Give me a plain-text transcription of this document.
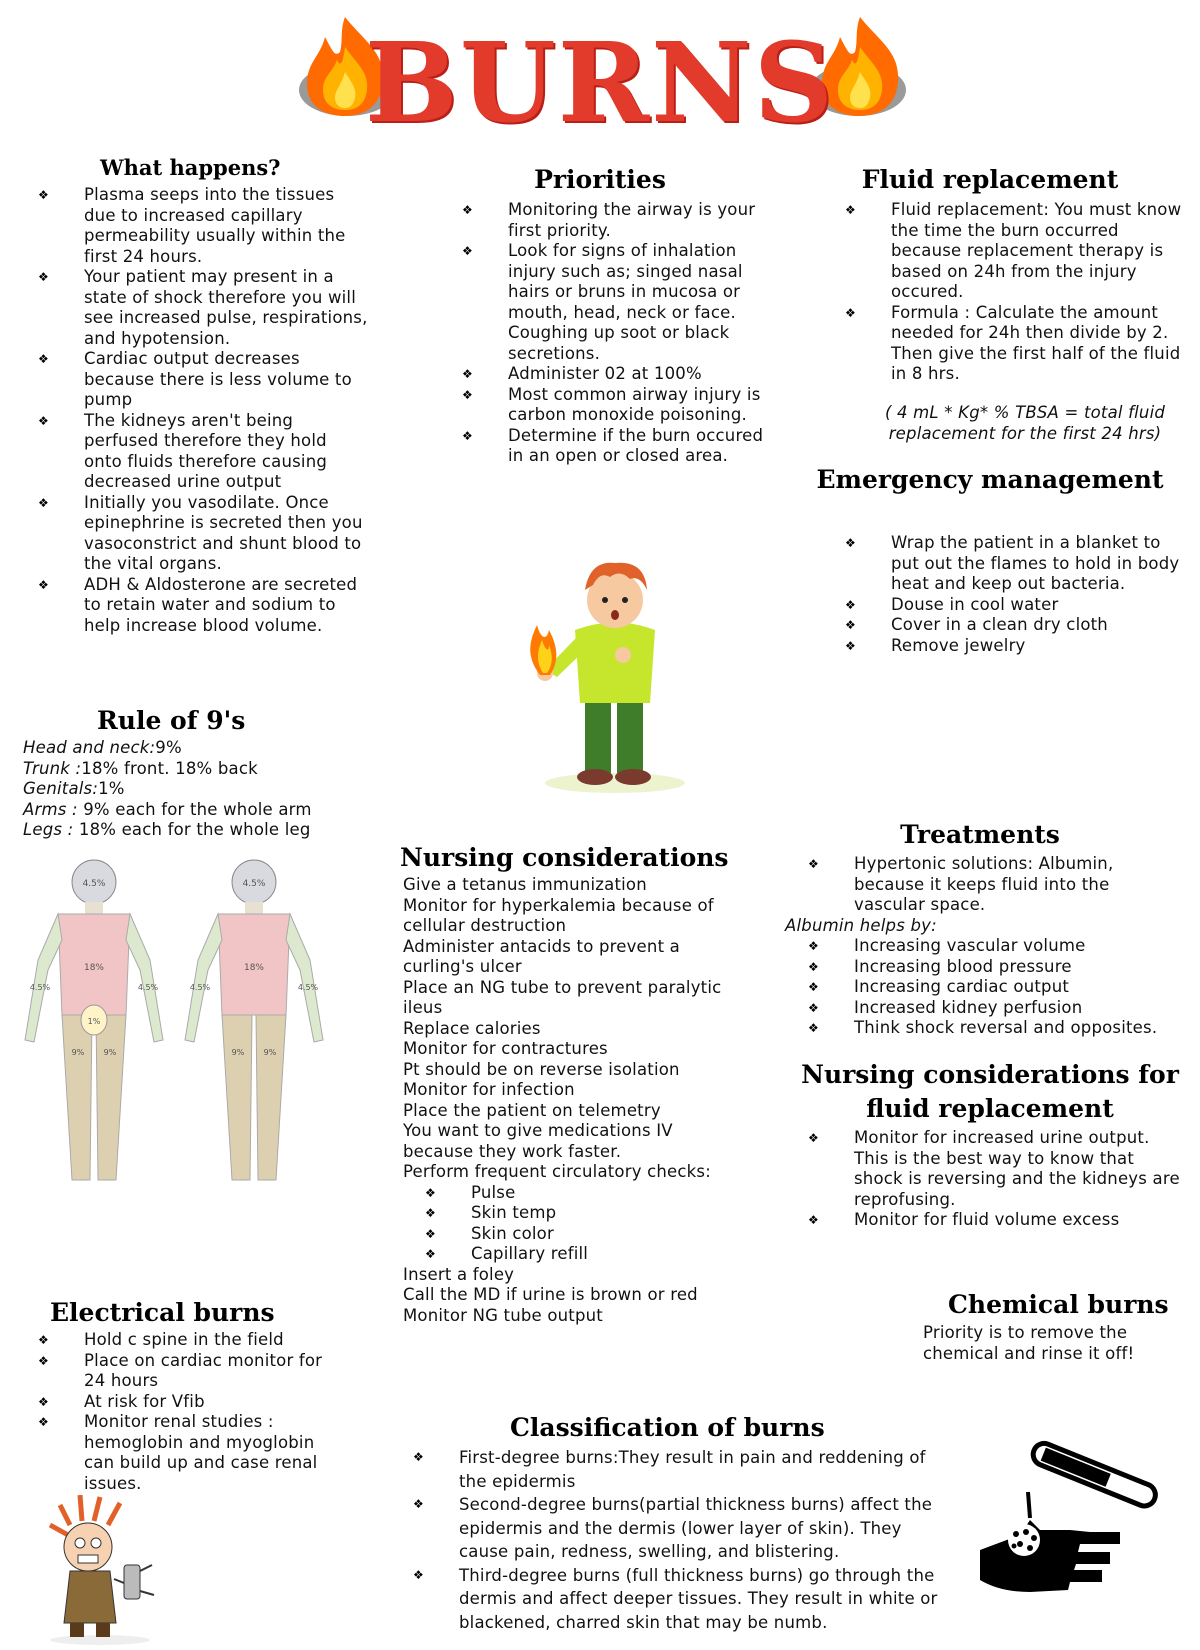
BURNS
What happens?
❖ Plasma seeps into the tissues due to increased capillary permeability usually within the first 24 hours.
❖ Your patient may present in a state of shock therefore you will see increased pulse, respirations, and hypotension.
❖ Cardiac output decreases because there is less volume to pump
❖ The kidneys aren't being perfused therefore they hold onto fluids therefore causing decreased urine output
❖ Initially you vasodilate. Once epinephrine is secreted then you vasoconstrict and shunt blood to the vital organs.
❖ ADH & Aldosterone are secreted to retain water and sodium to help increase blood volume.
Priorities
❖ Monitoring the airway is your first priority.
❖ Look for signs of inhalation injury such as; singed nasal hairs or bruns in mucosa or mouth, head, neck or face. Coughing up soot or black secretions.
❖ Administer 02 at 100%
❖ Most common airway injury is carbon monoxide poisoning.
❖ Determine if the burn occured in an open or closed area.
Fluid replacement
❖ Fluid replacement: You must know the time the burn occurred because replacement therapy is based on 24h from the injury occured.
❖ Formula : Calculate the amount needed for 24h then divide by 2. Then give the first half of the fluid in 8 hrs.
( 4 mL * Kg* % TBSA = total fluid replacement for the first 24 hrs)
Emergency management
❖ Wrap the patient in a blanket to put out the flames to hold in body heat and keep out bacteria.
❖ Douse in cool water
❖ Cover in a clean dry cloth
❖ Remove jewelry
Rule of 9's
Head and neck:9%
Trunk :18% front. 18% back
Genitals:1%
Arms : 9% each for the whole arm
Legs : 18% each for the whole leg
4.5%
18%
4.5%	4.5%
1%
9% 9%
4.5%
18%
4.5%	4.5%
9% 9%
Nursing considerations
Give a tetanus immunization
Monitor for hyperkalemia because of cellular destruction
Administer antacids to prevent a curling's ulcer
Place an NG tube to prevent paralytic ileus
Replace calories
Monitor for contractures
Pt should be on reverse isolation
Monitor for infection
Place the patient on telemetry
You want to give medications IV because they work faster.
Perform frequent circulatory checks:
❖ Pulse
❖ Skin temp
❖ Skin color
❖ Capillary refill
Insert a foley
Call the MD if urine is brown or red
Monitor NG tube output
Treatments
❖ Hypertonic solutions: Albumin, because it keeps fluid into the vascular space.
Albumin helps by:
❖ Increasing vascular volume
❖ Increasing blood pressure
❖ Increasing cardiac output
❖ Increased kidney perfusion
❖ Think shock reversal and opposites.
Nursing considerations for
fluid replacement
❖ Monitor for increased urine output. This is the best way to know that shock is reversing and the kidneys are reprofusing.
❖ Monitor for fluid volume excess
Electrical burns
❖ Hold c spine in the field
❖ Place on cardiac monitor for 24 hours
❖ At risk for Vfib
❖ Monitor renal studies : hemoglobin and myoglobin can build up and case renal issues.
Chemical burns
Priority is to remove the chemical and rinse it off!
Classification of burns
❖ First-degree burns:They result in pain and reddening of the epidermis
❖ Second-degree burns(partial thickness burns) affect the epidermis and the dermis (lower layer of skin). They cause pain, redness, swelling, and blistering.
❖ Third-degree burns (full thickness burns) go through the dermis and affect deeper tissues. They result in white or blackened, charred skin that may be numb.
